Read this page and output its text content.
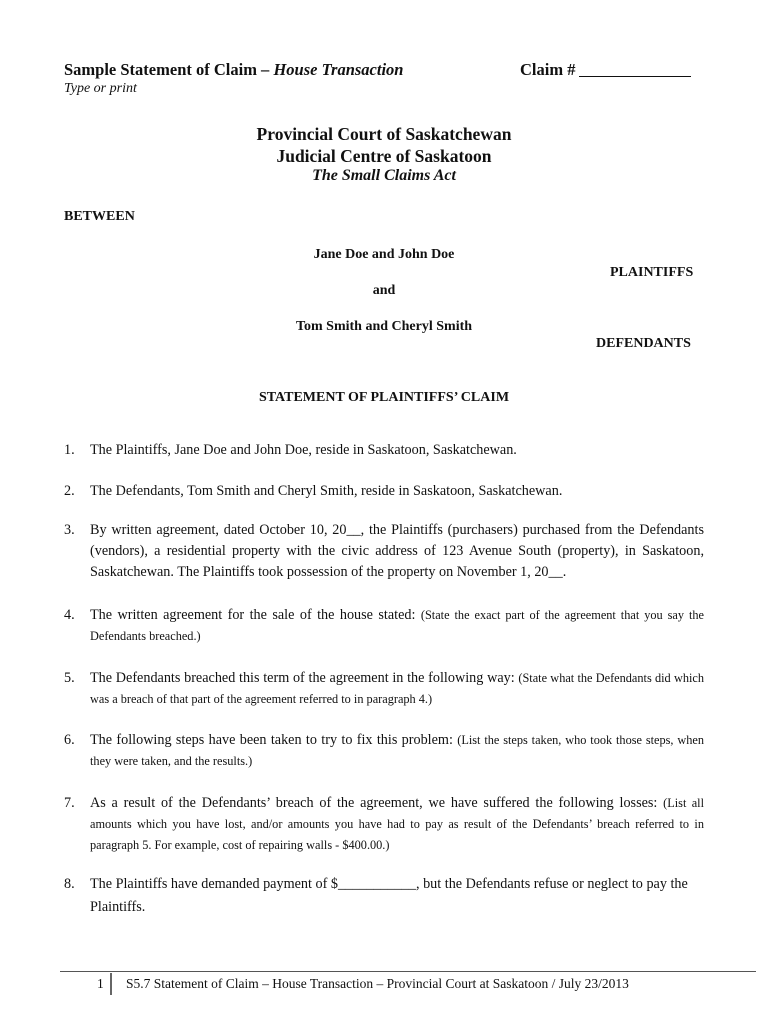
Sample Statement of Claim – House Transaction	Claim #
Type or print
Provincial Court of Saskatchewan
Judicial Centre of Saskatoon
The Small Claims Act
BETWEEN
Jane Doe and John Doe
PLAINTIFFS
and
Tom Smith and Cheryl Smith
DEFENDANTS
STATEMENT OF PLAINTIFFS’ CLAIM
1.	The Plaintiffs, Jane Doe and John Doe, reside in Saskatoon, Saskatchewan.
2.	The Defendants, Tom Smith and Cheryl Smith, reside in Saskatoon, Saskatchewan.
3.	By written agreement, dated October 10, 20__, the Plaintiffs (purchasers) purchased from the Defendants (vendors), a residential property with the civic address of 123 Avenue South (property), in Saskatoon, Saskatchewan. The Plaintiffs took possession of the property on November 1, 20__.
4.	The written agreement for the sale of the house stated: (State the exact part of the agreement that you say the Defendants breached.)
5.	The Defendants breached this term of the agreement in the following way: (State what the Defendants did which was a breach of that part of the agreement referred to in paragraph 4.)
6.	The following steps have been taken to try to fix this problem: (List the steps taken, who took those steps, when they were taken, and the results.)
7.	As a result of the Defendants’ breach of the agreement, we have suffered the following losses: (List all amounts which you have lost, and/or amounts you have had to pay as result of the Defendants’ breach referred to in paragraph 5. For example, cost of repairing walls - $400.00.)
8.	The Plaintiffs have demanded payment of $___________, but the Defendants refuse or neglect to pay the Plaintiffs.
1 S5.7 Statement of Claim – House Transaction – Provincial Court at Saskatoon / July 23/2013
